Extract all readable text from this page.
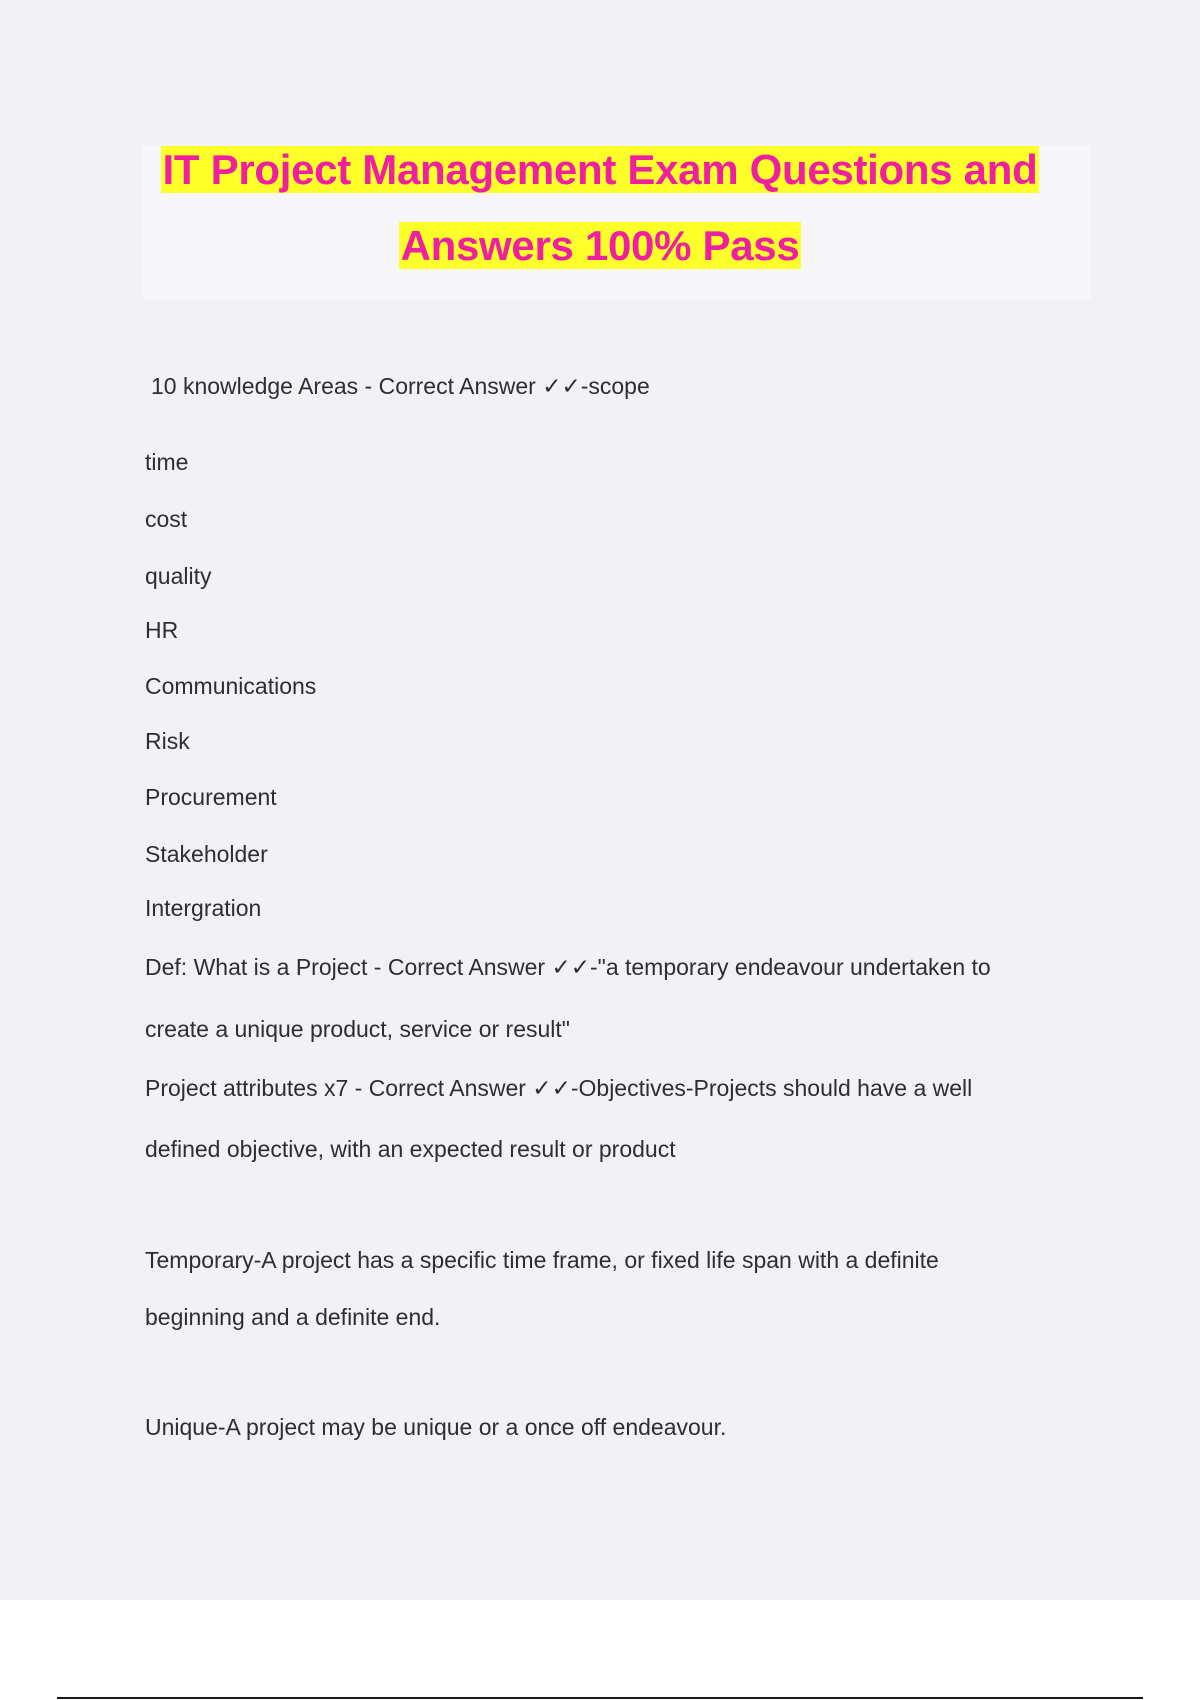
IT Project Management Exam Questions and
Answers 100% Pass
10 knowledge Areas - Correct Answer ✓✓-scope
time
cost
quality
HR
Communications
Risk
Procurement
Stakeholder
Intergration
Def: What is a Project - Correct Answer ✓✓-"a temporary endeavour undertaken to
create a unique product, service or result"
Project attributes x7 - Correct Answer ✓✓-Objectives-Projects should have a well
defined objective, with an expected result or product
Temporary-A project has a specific time frame, or fixed life span with a definite
beginning and a definite end.
Unique-A project may be unique or a once off endeavour.
